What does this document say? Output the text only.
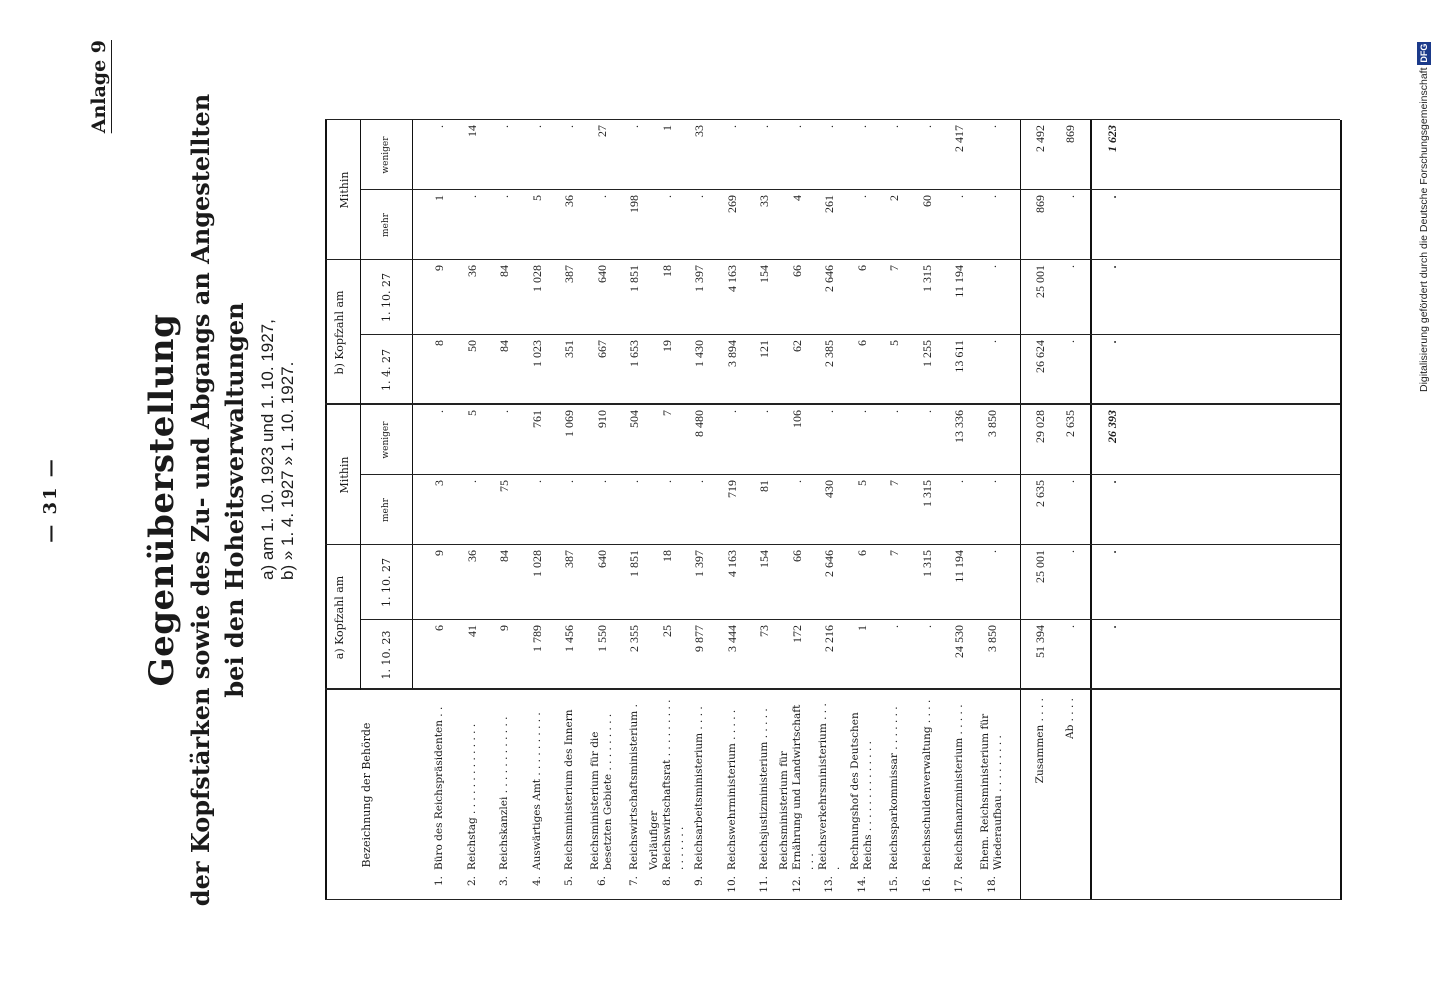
— 31 —
Anlage 9
Gegenüberstellung der Kopfstärken sowie des Zu- und Abgangs an Angestellten bei den Hoheitsverwaltungen a) am 1. 10. 1923 und 1. 10. 1927, b) » 1. 4. 1927 » 1. 10. 1927.
Bezeichnung der Behörde
a) Kopfzahl am
Mithin
b) Kopfzahl am
Mithin
1. 10. 23
1. 10. 27
mehr
weniger
1. 4. 27
1. 10. 27
mehr
weniger
1.
Büro des Reichspräsidenten . .
6
9
3
.
8
9
1
.
2.
Reichstag . . . . . . . . . . . . . .
41
36
.
5
50
36
.
14
3.
Reichskanzlei . . . . . . . . . . . .
9
84
75
.
84
84
.
.
4.
Auswärtiges Amt . . . . . . . . . .
1 789
1 028
.
761
1 023
1 028
5
.
5.
Reichsministerium des Innern
1 456
387
.
1 069
351
387
36
.
6.
Reichsministerium für die besetzten Gebiete . . . . . . . . .
1 550
640
.
910
667
640
.
27
7.
Reichswirtschaftsministerium .
2 355
1 851
.
504
1 653
1 851
198
.
8.
Vorläufiger Reichswirtschaftsrat . . . . . . . . . . . . . . . .
25
18
.
7
19
18
.
1
9.
Reichsarbeitsministerium . . . .
9 877
1 397
.
8 480
1 430
1 397
.
33
10.
Reichswehrministerium . . . . .
3 444
4 163
719
.
3 894
4 163
269
.
11.
Reichsjustizministerium . . . . .
73
154
81
.
121
154
33
.
12.
Reichsministerium für Ernährung und Landwirtschaft . . .
172
66
.
106
62
66
4
.
13.
Reichsverkehrsministerium . . . .
2 216
2 646
430
.
2 385
2 646
261
.
14.
Rechnungshof des Deutschen Reichs . . . . . . . . . . . . . .
1
6
5
.
6
6
.
.
15.
Reichssparkommissar . . . . . . .
.
7
7
.
5
7
2
.
16.
Reichsschuldenverwaltung . . . .
.
1 315
1 315
.
1 255
1 315
60
.
17.
Reichsfinanzministerium . . . . .
24 530
11 194
.
13 336
13 611
11 194
.
2 417
18.
Ehem. Reichsministerium für Wiederaufbau . . . . . . . . .
3 850
.
.
3 850
.
.
.
.
Zusammen . . . .
51 394
25 001
2 635
29 028
26 624
25 001
869
2 492
Ab . . . .
.
.
.
2 635
.
.
.
869
.
.
.
26 393
.
.
.
1 623	Digitalisierung gefördert durch die Deutsche Forschungsgemeinschaft DFG
